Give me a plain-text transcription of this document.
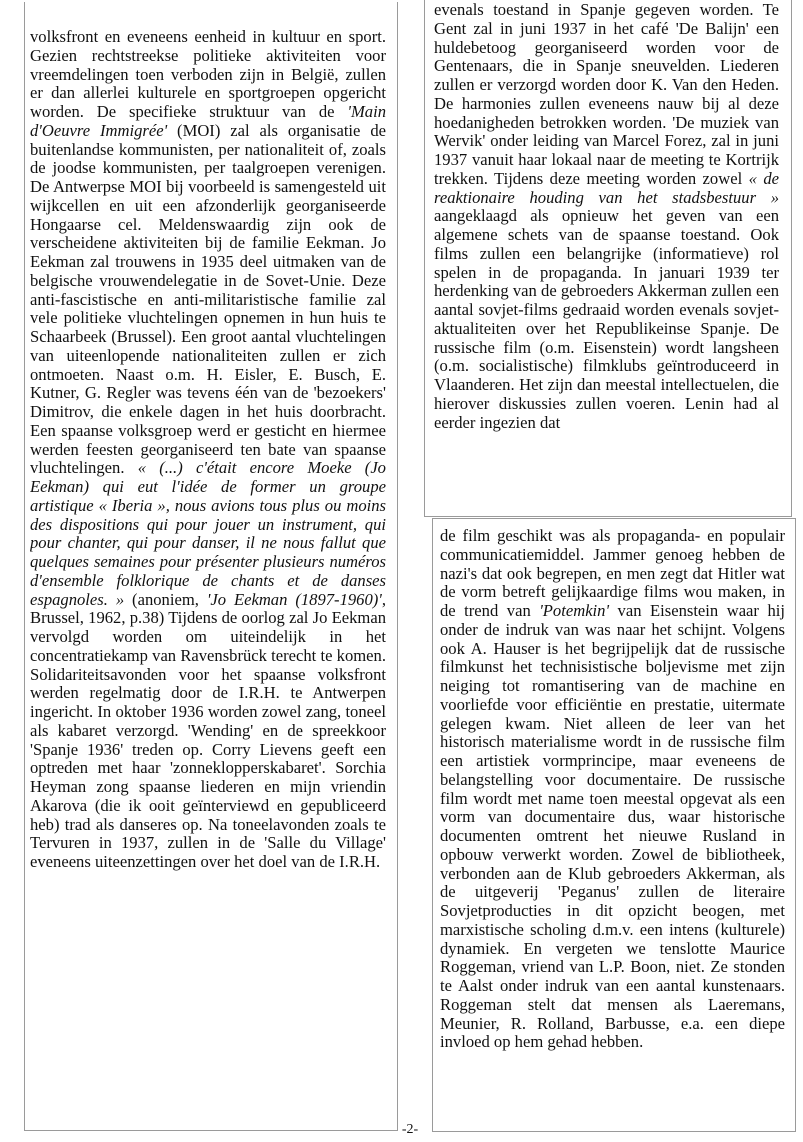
volksfront en eveneens eenheid in kultuur en sport. Gezien rechtstreekse politieke aktiviteiten voor vreemdelingen toen verboden zijn in België, zullen er dan allerlei kulturele en sportgroepen opgericht worden. De specifieke struktuur van de 'Main d'Oeuvre Immigrée' (MOI) zal als organisatie de buitenlandse kommunisten, per nationaliteit of, zoals de joodse kommunisten, per taalgroepen verenigen. De Antwerpse MOI bij voorbeeld is samengesteld uit wijkcellen en uit een afzonderlijk georganiseerde Hongaarse cel. Meldenswaardig zijn ook de verscheidene aktiviteiten bij de familie Eekman. Jo Eekman zal trouwens in 1935 deel uitmaken van de belgische vrouwendelegatie in de Sovet-Unie. Deze anti-fascistische en anti-militaristische familie zal vele politieke vluchtelingen opnemen in hun huis te Schaarbeek (Brussel). Een groot aantal vluchtelingen van uiteenlopende nationaliteiten zullen er zich ontmoeten. Naast o.m. H. Eisler, E. Busch, E. Kutner, G. Regler was tevens één van de 'bezoekers' Dimitrov, die enkele dagen in het huis doorbracht. Een spaanse volksgroep werd er gesticht en hiermee werden feesten georganiseerd ten bate van spaanse vluchtelingen. « (...) c'était encore Moeke (Jo Eekman) qui eut l'idée de former un groupe artistique « Iberia », nous avions tous plus ou moins des dispositions qui pour jouer un instrument, qui pour chanter, qui pour danser, il ne nous fallut que quelques semaines pour présenter plusieurs numéros d'ensemble folklorique de chants et de danses espagnoles. » (anoniem, 'Jo Eekman (1897-1960)', Brussel, 1962, p.38) Tijdens de oorlog zal Jo Eekman vervolgd worden om uiteindelijk in het concentratiekamp van Ravensbrück terecht te komen. Solidariteitsavonden voor het spaanse volksfront werden regelmatig door de I.R.H. te Antwerpen ingericht. In oktober 1936 worden zowel zang, toneel als kabaret verzorgd. 'Wending' en de spreekkoor 'Spanje 1936' treden op. Corry Lievens geeft een optreden met haar 'zonneklopperskabaret'. Sorchia Heyman zong spaanse liederen en mijn vriendin Akarova (die ik ooit geïnterviewd en gepubliceerd heb) trad als danseres op. Na toneelavonden zoals te Tervuren in 1937, zullen in de 'Salle du Village' eveneens uiteenzettingen over het doel van de I.R.H.

evenals toestand in Spanje gegeven worden. Te Gent zal in juni 1937 in het café 'De Balijn' een huldebetoog georganiseerd worden voor de Gentenaars, die in Spanje sneuvelden. Liederen zullen er verzorgd worden door K. Van den Heden. De harmonies zullen eveneens nauw bij al deze hoedanigheden betrokken worden. 'De muziek van Wervik' onder leiding van Marcel Forez, zal in juni 1937 vanuit haar lokaal naar de meeting te Kortrijk trekken. Tijdens deze meeting worden zowel « de reaktionaire houding van het stadsbestuur » aangeklaagd als opnieuw het geven van een algemene schets van de spaanse toestand. Ook films zullen een belangrijke (informatieve) rol spelen in de propaganda. In januari 1939 ter herdenking van de gebroeders Akkerman zullen een aantal sovjet-films gedraaid worden evenals sovjet-aktualiteiten over het Republikeinse Spanje. De russische film (o.m. Eisenstein) wordt langsheen (o.m. socialistische) filmklubs geïntroduceerd in Vlaanderen. Het zijn dan meestal intellectuelen, die hierover diskussies zullen voeren. Lenin had al eerder ingezien dat

de film geschikt was als propaganda- en populair communicatiemiddel. Jammer genoeg hebben de nazi's dat ook begrepen, en men zegt dat Hitler wat de vorm betreft gelijkaardige films wou maken, in de trend van 'Potemkin' van Eisenstein waar hij onder de indruk van was naar het schijnt. Volgens ook A. Hauser is het begrijpelijk dat de russische filmkunst het technisistische boljevisme met zijn neiging tot romantisering van de machine en voorliefde voor efficiëntie en prestatie, uitermate gelegen kwam. Niet alleen de leer van het historisch materialisme wordt in de russische film een artistiek vormprincipe, maar eveneens de belangstelling voor documentaire. De russische film wordt met name toen meestal opgevat als een vorm van documentaire dus, waar historische documenten omtrent het nieuwe Rusland in opbouw verwerkt worden. Zowel de bibliotheek, verbonden aan de Klub gebroeders Akkerman, als de uitgeverij 'Peganus' zullen de literaire Sovjetproducties in dit opzicht beogen, met marxistische scholing d.m.v. een intens (kulturele) dynamiek. En vergeten we tenslotte Maurice Roggeman, vriend van L.P. Boon, niet. Ze stonden te Aalst onder indruk van een aantal kunstenaars. Roggeman stelt dat mensen als Laeremans, Meunier, R. Rolland, Barbusse, e.a. een diepe invloed op hem gehad hebben.

-2-
